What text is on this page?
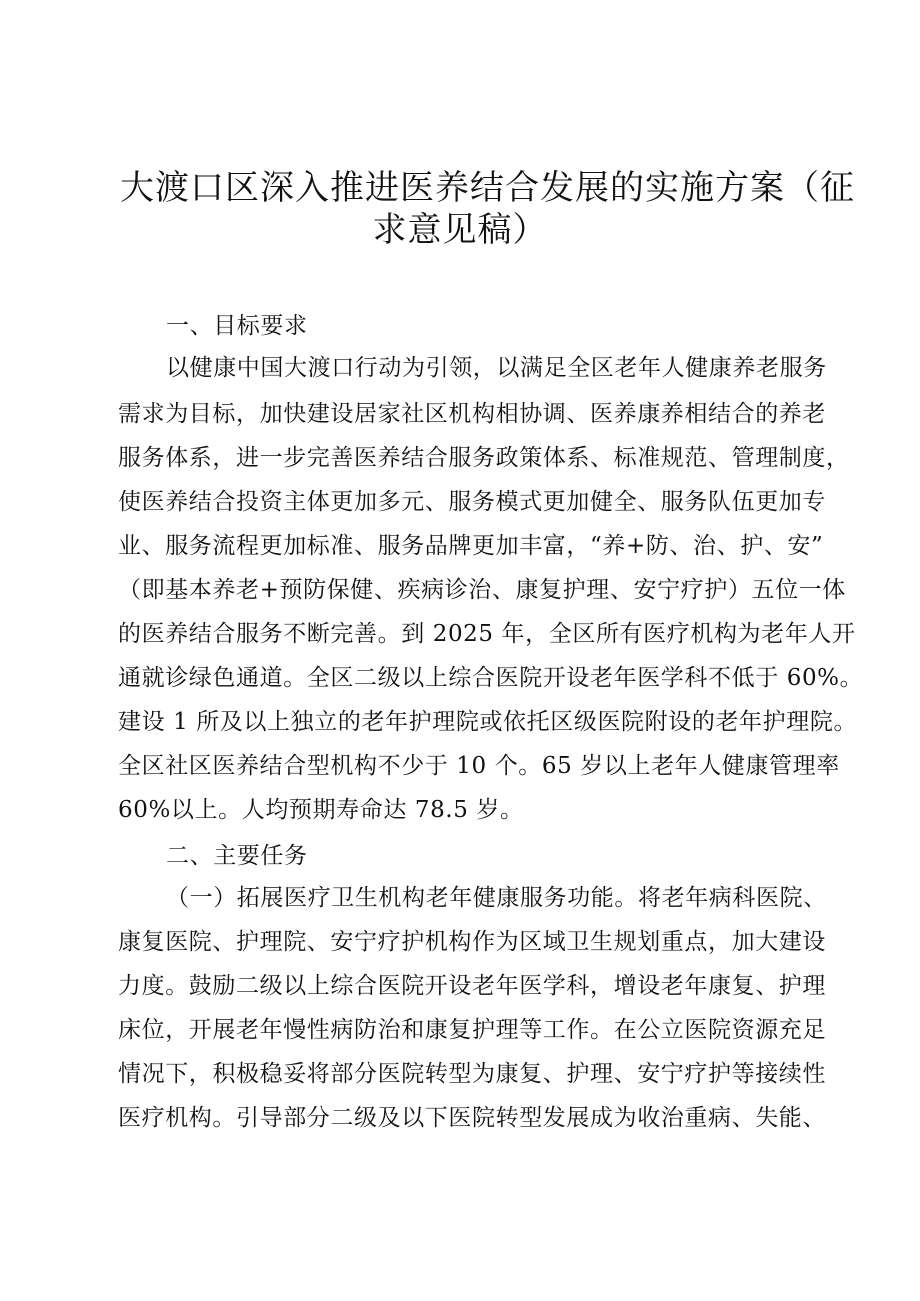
大渡口区深入推进医养结合发展的实施方案（征
求意见稿）
一、目标要求
以健康中国大渡口行动为引领，以满足全区老年人健康养老服务
需求为目标，加快建设居家社区机构相协调、医养康养相结合的养老
服务体系，进一步完善医养结合服务政策体系、标准规范、管理制度，
使医养结合投资主体更加多元、服务模式更加健全、服务队伍更加专
业、服务流程更加标准、服务品牌更加丰富，“养+防、治、护、安”
（即基本养老+预防保健、疾病诊治、康复护理、安宁疗护）五位一体
的医养结合服务不断完善。到 2025 年，全区所有医疗机构为老年人开
通就诊绿色通道。全区二级以上综合医院开设老年医学科不低于 60%。
建设 1 所及以上独立的老年护理院或依托区级医院附设的老年护理院。
全区社区医养结合型机构不少于 10 个。65 岁以上老年人健康管理率
60%以上。人均预期寿命达 78.5 岁。
二、主要任务
（一）拓展医疗卫生机构老年健康服务功能。将老年病科医院、
康复医院、护理院、安宁疗护机构作为区域卫生规划重点，加大建设
力度。鼓励二级以上综合医院开设老年医学科，增设老年康复、护理
床位，开展老年慢性病防治和康复护理等工作。在公立医院资源充足
情况下，积极稳妥将部分医院转型为康复、护理、安宁疗护等接续性
医疗机构。引导部分二级及以下医院转型发展成为收治重病、失能、
